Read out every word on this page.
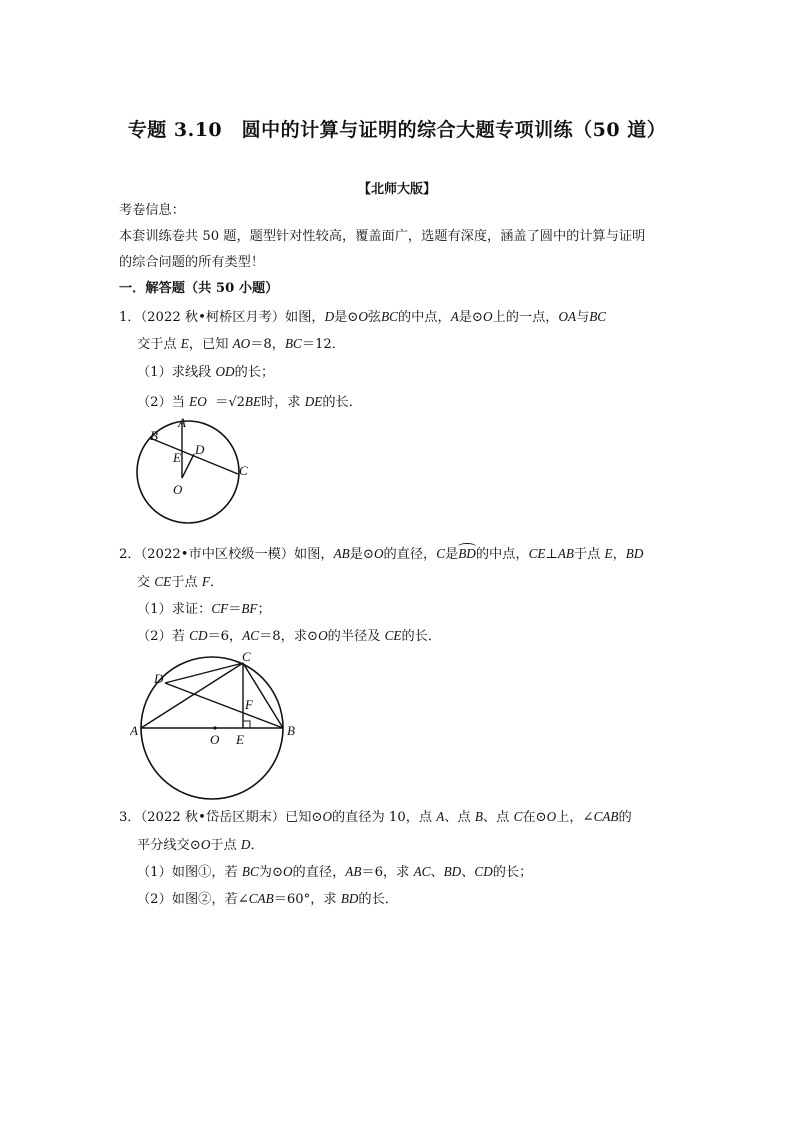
专题 3.10　圆中的计算与证明的综合大题专项训练（50 道）
【北师大版】
考卷信息：
本套训练卷共 50 题，题型针对性较高，覆盖面广，选题有深度，涵盖了圆中的计算与证明
的综合问题的所有类型！
一．解答题（共 50 小题）
1．（2022 秋•柯桥区月考）如图，D是⊙O弦BC的中点，A是⊙O上的一点，OA与BC
交于点 E，已知 AO＝8，BC＝12．
（1）求线段 OD的长；
（2）当 EO  ＝√2BE时，求 DE的长．
A
B
D
E
C
O
2．（2022•市中区校级一模）如图，AB是⊙O的直径，C是BD的中点，CE⊥AB于点 E，BD
交 CE于点 F．
（1）求证：CF＝BF；
（2）若 CD＝6，AC＝8，求⊙O的半径及 CE的长．
C
D
F
A	B
O E
3．（2022 秋•岱岳区期末）已知⊙O的直径为 10，点 A、点 B、点 C在⊙O上，∠CAB的
平分线交⊙O于点 D．
（1）如图①，若 BC为⊙O的直径，AB＝6，求 AC、BD、CD的长；
（2）如图②，若∠CAB＝60°，求 BD的长．
